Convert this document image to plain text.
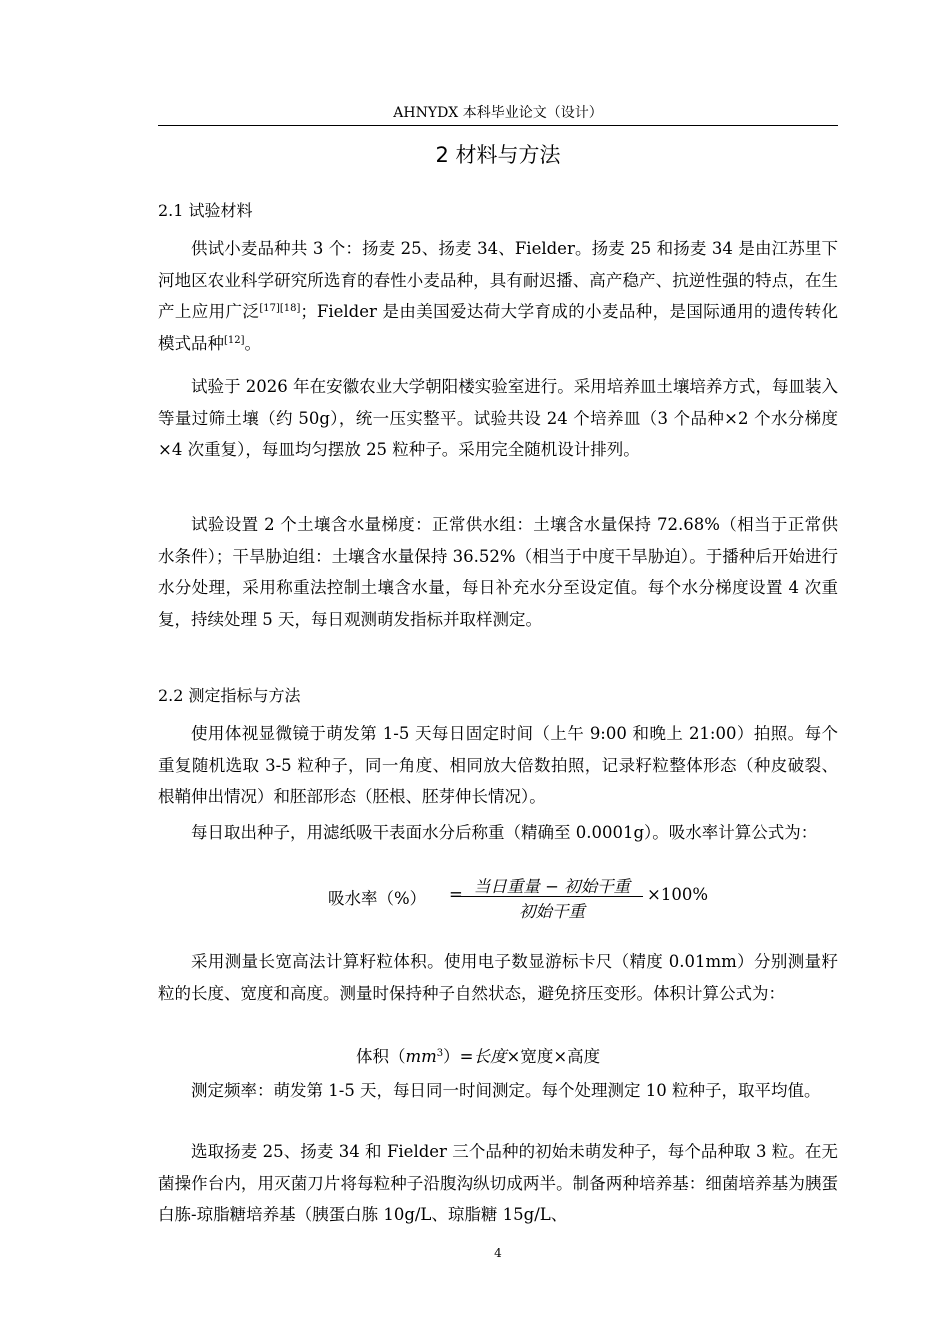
AHNYDX 本科毕业论文（设计）
2 材料与方法
2.1 试验材料

供试小麦品种共 3 个：扬麦 25、扬麦 34、Fielder。扬麦 25 和扬麦 34 是由江苏里下河地区农业科学研究所选育的春性小麦品种，具有耐迟播、高产稳产、抗逆性强的特点，在生产上应用广泛[17][18]；Fielder 是由美国爱达荷大学育成的小麦品种，是国际通用的遗传转化模式品种[12]。

试验于 2026 年在安徽农业大学朝阳楼实验室进行。采用培养皿土壤培养方式，每皿装入等量过筛土壤（约 50g），统一压实整平。试验共设 24 个培养皿（3 个品种×2 个水分梯度×4 次重复），每皿均匀摆放 25 粒种子。采用完全随机设计排列。

试验设置 2 个土壤含水量梯度：正常供水组：土壤含水量保持 72.68%（相当于正常供水条件）；干旱胁迫组：土壤含水量保持 36.52%（相当于中度干旱胁迫）。于播种后开始进行水分处理，采用称重法控制土壤含水量，每日补充水分至设定值。每个水分梯度设置 4 次重复，持续处理 5 天，每日观测萌发指标并取样测定。

2.2 测定指标与方法

使用体视显微镜于萌发第 1-5 天每日固定时间（上午 9:00 和晚上 21:00）拍照。每个重复随机选取 3-5 粒种子，同一角度、相同放大倍数拍照，记录籽粒整体形态（种皮破裂、根鞘伸出情况）和胚部形态（胚根、胚芽伸长情况）。

每日取出种子，用滤纸吸干表面水分后称重（精确至 0.0001g）。吸水率计算公式为：

吸水率（%） = 当日重量 − 初始干重
初始干重
×100%

采用测量长宽高法计算籽粒体积。使用电子数显游标卡尺（精度 0.01mm）分别测量籽粒的长度、宽度和高度。测量时保持种子自然状态，避免挤压变形。体积计算公式为：

体积$(mm^3)=$长度×宽度×高度

测定频率：萌发第 1-5 天，每日同一时间测定。每个处理测定 10 粒种子，取平均值。

选取扬麦 25、扬麦 34 和 Fielder 三个品种的初始未萌发种子，每个品种取 3 粒。在无菌操作台内，用灭菌刀片将每粒种子沿腹沟纵切成两半。制备两种培养基：细菌培养基为胰蛋白胨-琼脂糖培养基（胰蛋白胨 10g/L、琼脂糖 15g/L、

4
